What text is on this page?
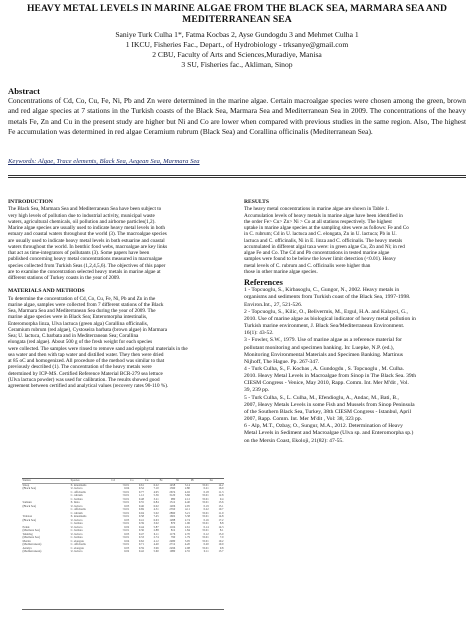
HEAVY METAL LEVELS IN MARINE ALGAE FROM THE BLACK SEA, MARMARA SEA AND
MEDITERRANEAN SEA
Saniye Turk Culha 1*, Fatma Kocbas 2, Ayse Gundogdu 3 and Mehmet Culha 1
1 IKCU, Fisheries Fac., Depart., of Hydrobiology - trksanye@gmail.com
2 CBU, Faculty of Arts and Sciences,Muradiye, Manisa
3 SU, Fisheries fac., Akliman, Sinop
Abstract
Concentrations of Cd, Co, Cu, Fe, Ni, Pb and Zn were determined in the marine algae. Certain macroalgae species were chosen among the green, brown and red algae species at 7 stations in the Turkish coasts of the Black Sea, Marmara Sea and Mediterranean Sea in 2009. The concentrations of the heavy metals Fe, Zn and Cu in the present study are higher but Ni and Co are lower when compared with previous studies in the same region. Also, The highest Fe accumulation was determined in red algae Ceramium rubrum (Black Sea) and Corallina officinalis (Mediterranean Sea).
Keywords: Algae, Trace elements, Black Sea, Aegean Sea, Marmara Sea
INTRODUCTION
The Black Sea, Marmara Sea and Mediterranean Sea have been subject to
very high levels of pollution due to industrial activity, municipal waste
waters, agricultural chemicals, oil pollution and airborne particles(1,2).
Marine algae species are usually used to indicate heavy metal levels in both
estuary and coastal waters throughout the world (3). The macroalgae species
are usually used to indicate heavy metal levels in both estuarine and coastal
waters throughout the world. In benthic food webs, macroalgae are key links
that act as time-integrators of pollutants (3). Some papers have been
published concerning heavy metal concentrations measured in macroalgae
species collected from Turkish Seas (1,2,4,5,6). The objectives of this paper
are to examine the concentration selected heavy metals in marine algae at
different stations of Turkey coasts in the year of 2009.
MATERIALS AND METHODS
To determine the concentration of Cd, Co, Cu, Fe, Ni, Pb and Zn in the
marine algae, samples were collected from 7 different stations of the Black
Sea, Marmara Sea and Mediterranean Sea during the year of 2009. The
marine algae species were in Black Sea; Enteromorpha intestinalis,
Enteromorpha linza, Ulva lactuca (green alga) Corallina officinalis,
Ceramium rubrum (red algae), Cystoseira barbata (brown algae) in Marmara
Sea; U. lactuca, C.barbata and in Mediterranean Sea; Corallina
elongata (red algae). About 500 g of the fresh weight for each species
were collected. The samples were rinsed to remove sand and epiphytal materials in the
sea water and then with tap water and distilled water. They then were dried
at 85 oC and homogenized. All procedure of the method was similar to that
previously described (1). The concentration of the heavy metals were
determined by ICP-MS. Certified Reference Material BCR-279 sea lettuce
(Ulva lactuca powder) was used for calibration. The results showed good
agreement between certified and analytical values (recovery rates 90-110 %).
Station	Species	Cd	Co	Cu	Fe	Ni	Pb	Zn
Sinop	E. intestinalis	<0.01	0.61	6.22	1458	3.14	<0.01	14.2
(Black Sea)	U. lactuca	0.04	0.52	7.10	1390	2.80	0.21	16.9
	C. officinalis	<0.01	0.77	4.95	2674	4.02	0.18	11.3
	C. rubrum	<0.01	1.12	5.36	3120	3.66	<0.01	12.8
	C. barbata	<0.01	0.48	3.21	980	2.12	<0.01	9.4
Samsun	E. linza	<0.01	0.55	6.84	1512	4.40	<0.01	13.6
(Black Sea)	U. lactuca	0.03	0.46	6.02	1206	2.95	0.19	15.1
	C. officinalis	<0.01	0.69	4.31	2350	4.11	0.22	10.7
	C. rubrum	<0.01	0.94	5.02	2890	3.21	<0.01	11.9
Trabzon	E. intestinalis	<0.01	0.58	7.45	1602	3.38	<0.01	14.8
(Black Sea)	U. lactuca	0.05	0.41	6.63	1288	2.74	0.16	17.2
	C. barbata	<0.01	0.39	3.02	870	1.96	<0.01	8.8
Erdek	U. lactuca	0.02	0.44	5.87	1104	2.61	0.14	14.3
(Marmara Sea)	C. barbata	<0.01	0.36	2.88	812	1.84	<0.01	8.1
Tekirdag	U. lactuca	0.03	0.47	6.11	1176	2.70	0.12	15.0
(Marmara Sea)	C. barbata	<0.01	0.33	2.74	790	1.79	<0.01	7.9
Mersin	C. elongata	0.04	0.62	4.12	2480	3.05	<0.01	10.2
(Mediterranean)	C. officinalis	<0.01	0.71	4.40	2712	4.20	0.20	10.9
Antalya	C. elongata	0.05	0.59	3.96	2296	2.98	<0.01	9.8
(Mediterranean)	U. lactuca	0.02	0.42	5.60	1080	2.55	0.11	13.7
RESULTS
The heavy metal concentrations in marine algae are shown in Table 1.
Accumulation levels of heavy metals in marine algae have been identified in
the order Fe> Cu> Zn> Ni > Co at all stations respectively. The highest
uptake in marine algae species at the sampling sites were as follows: Fe and Co
in C. rubrum; Cd in U. lactuca and C. elongata, Zn in U. lactuca; Pb in U.
lactuca and C. officinalis, Ni in E. linza and C. officinalis. The heavy metals
accumulated in different algal taxa were: in green algae Cu, Zn and Ni; in red
algae Fe and Co. The Cd and Pb concentrations in tested marine algae
samples were found to be below the lower limit detection (<0.01). Heavy
metal levels of C. rubrum and C. officinalis were higher than
those in other marine algae species.
References
1 - Topcuoglu, S., Kirbasoglu, C., Gungor, N., 2002. Heavy metals in
organisms and sediments from Turkish coast of the Black Sea, 1997-1998.
Environ.Int., 27, 521-526.
2 - Topcuoglu, S., Kilic, O., Belivermis, M., Ergul, H.A. and Kalayci, G.,
2010. Use of marine algae as biological indicator of heavy metal pollution in
Turkish marine environment, J. Black Sea/Mediterranean Environment.
16(1): 43-52.
3 - Fowler, S.W., 1979. Use of marine algae as a reference material for
pollutant monitoring and specimen banking. In: Luepke, N.P. (ed.),
Monitoring Environmental Materials and Specimen Banking. Martinus
Nijhoff, The Hague. Pp. 267-347.
4 - Turk Culha, S., F. Kocbas , A. Gundogdu , S. Topcuoglu , M. Culha.
2010. Heavy Metal Levels in Macroalgae from Sinop in The Black Sea. 39th
CIESM Congress - Venice, May 2010, Rapp. Comm. Int. Mer M'dit , Vol.
39, 239 pp.
5 - Turk Culha, S., L. Culha, M., Efendioglu, A., Andac, M., Bati, B.,
2007, Heavy Metals Levels in some Fish and Mussels from Sinop Peninsula
of the Southern Black Sea, Turkey, 38th CIESM Congress - Istanbul, April
2007, Rapp. Comm. Int. Mer M'dit , Vol: 38, 323 pp.
6 - Alp, M.T., Ozbay, O., Sungur, M.A., 2012. Determination of Heavy
Metal Levels in Sediment and Macroalgae (Ulva sp. and Enteromorpha sp.)
on the Mersin Coast, Ekoloji, 21(82): 47-55.
